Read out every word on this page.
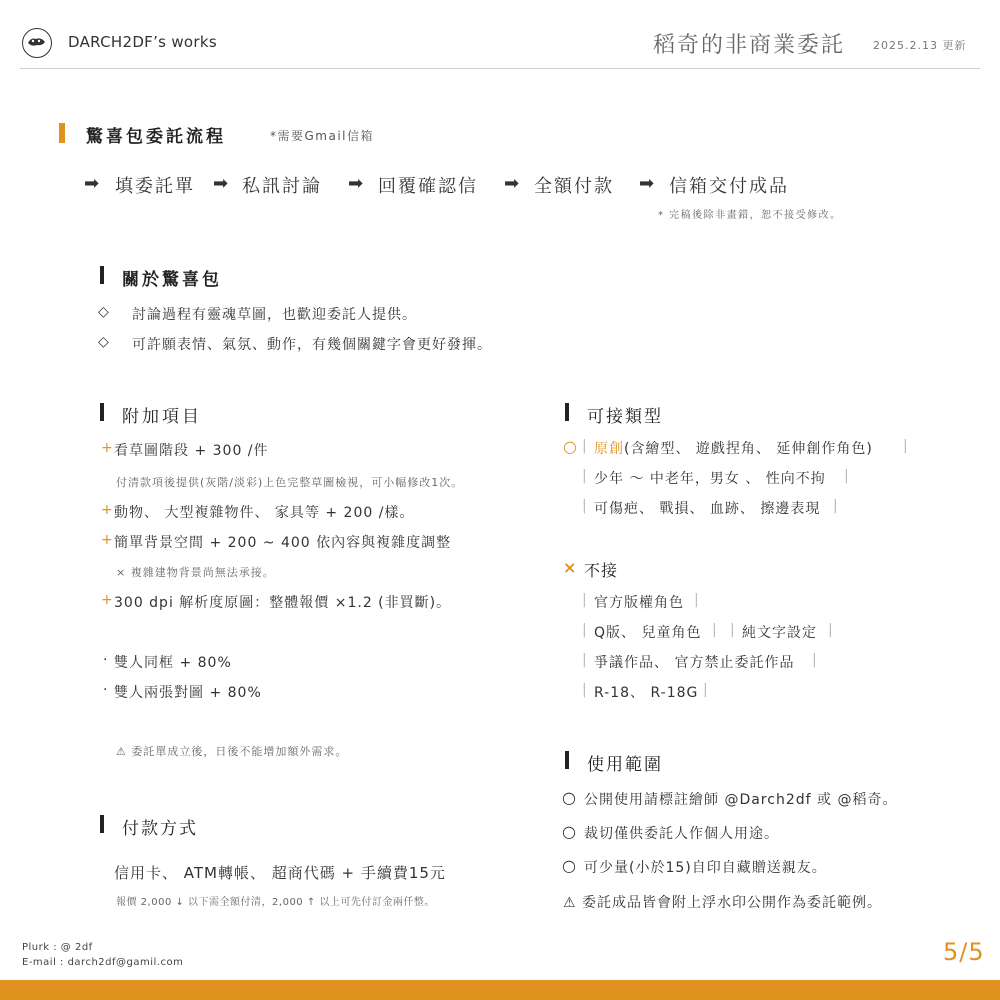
DARCH2DF’s works	稻奇的非商業委託	2025.2.13 更新
驚喜包委託流程	*需要Gmail信箱
➡ 填委託單 ➡ 私訊討論 ➡ 回覆確認信 ➡ 全額付款 ➡ 信箱交付成品
* 完稿後除非畫錯，恕不接受修改。
關於驚喜包
◇ 討論過程有靈魂草圖，也歡迎委託人提供。
◇ 可許願表情、氣氛、動作，有幾個關鍵字會更好發揮。
附加項目
+ 看草圖階段 + 300 /件
付清款項後提供(灰階/淡彩)上色完整草圖檢視，可小幅修改1次。
+ 動物、 大型複雜物件、 家具等 + 200 /樣。
+ 簡單背景空間 + 200 ~ 400 依內容與複雜度調整
× 複雜建物背景尚無法承接。
+ 300 dpi 解析度原圖：整體報價 ×1.2 (非買斷)。
· 雙人同框 + 80%
· 雙人兩張對圖 + 80%
⚠ 委託單成立後，日後不能增加額外需求。
付款方式
信用卡、 ATM轉帳、 超商代碼 + 手續費15元
報價 2,000 ↓ 以下需全額付清，2,000 ↑ 以上可先付訂金兩仟整。
可接類型
○ | 原創 (含繪型、 遊戲捏角、 延伸創作角色) |
| 少年 ～ 中老年，男女 、 性向不拘 |
| 可傷疤、 戰損、 血跡、 擦邊表現 |
× 不接
| 官方版權角色 |
| Q版、 兒童角色 | | 純文字設定 |
| 爭議作品、 官方禁止委託作品 |
| R-18、 R-18G |
使用範圍
○ 公開使用請標註繪師 @Darch2df 或 @稻奇。
○ 裁切僅供委託人作個人用途。
○ 可少量(小於15)自印自藏贈送親友。
⚠ 委託成品皆會附上浮水印公開作為委託範例。
Plurk : @ 2df
E-mail : darch2df@gamil.com	5/5
